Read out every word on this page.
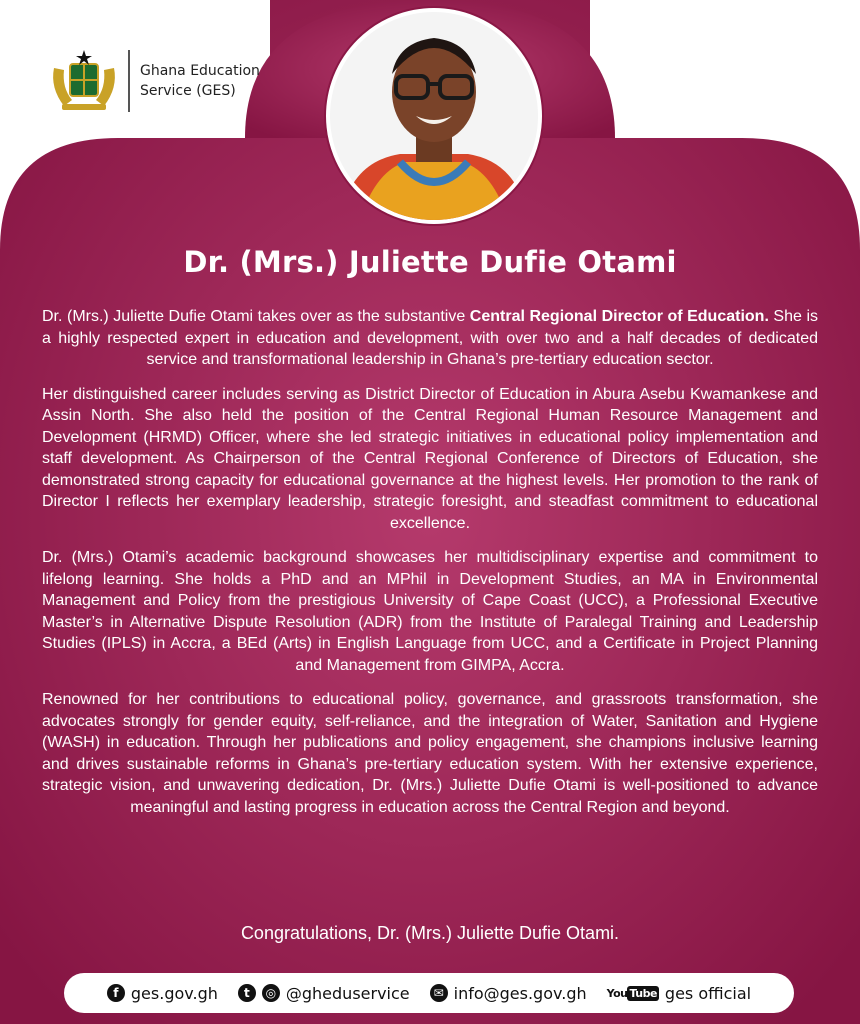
Ghana Education Service (GES)
Dr. (Mrs.) Juliette Dufie Otami

Dr. (Mrs.) Juliette Dufie Otami takes over as the substantive Central Regional Director of Education. She is a highly respected expert in education and development, with over two and a half decades of dedicated service and transformational leadership in Ghana’s pre-tertiary education sector.

Her distinguished career includes serving as District Director of Education in Abura Asebu Kwamankese and Assin North. She also held the position of the Central Regional Human Resource Management and Development (HRMD) Officer, where she led strategic initiatives in educational policy implementation and staff development. As Chairperson of the Central Regional Conference of Directors of Education, she demonstrated strong capacity for educational governance at the highest levels. Her promotion to the rank of Director I reflects her exemplary leadership, strategic foresight, and steadfast commitment to educational excellence.

Dr. (Mrs.) Otami’s academic background showcases her multidisciplinary expertise and commitment to lifelong learning. She holds a PhD and an MPhil in Development Studies, an MA in Environmental Management and Policy from the prestigious University of Cape Coast (UCC), a Professional Executive Master’s in Alternative Dispute Resolution (ADR) from the Institute of Paralegal Training and Leadership Studies (IPLS) in Accra, a BEd (Arts) in English Language from UCC, and a Certificate in Project Planning and Management from GIMPA, Accra.

Renowned for her contributions to educational policy, governance, and grassroots transformation, she advocates strongly for gender equity, self-reliance, and the integration of Water, Sanitation and Hygiene (WASH) in education. Through her publications and policy engagement, she champions inclusive learning and drives sustainable reforms in Ghana’s pre-tertiary education system. With her extensive experience, strategic vision, and unwavering dedication, Dr. (Mrs.) Juliette Dufie Otami is well-positioned to advance meaningful and lasting progress in education across the Central Region and beyond.

Congratulations, Dr. (Mrs.) Juliette Dufie Otami.
f ges.gov.gh	t	◎ @gheduservice	✉ info@ges.gov.gh You Tube ges official
